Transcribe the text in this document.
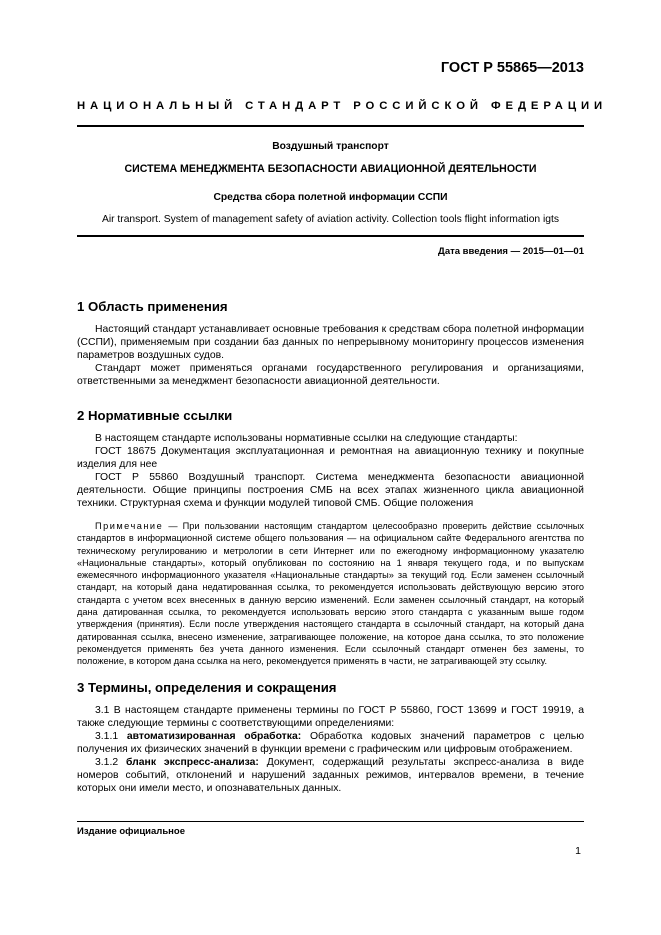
ГОСТ Р 55865—2013
НАЦИОНАЛЬНЫЙ СТАНДАРТ РОССИЙСКОЙ ФЕДЕРАЦИИ
Воздушный транспорт
СИСТЕМА МЕНЕДЖМЕНТА БЕЗОПАСНОСТИ АВИАЦИОННОЙ ДЕЯТЕЛЬНОСТИ
Средства сбора полетной информации ССПИ
Air transport. System of management safety of aviation activity. Collection tools flight information igts
Дата введения — 2015—01—01
1 Область применения

Настоящий стандарт устанавливает основные требования к средствам сбора полетной информации (ССПИ), применяемым при создании баз данных по непрерывному мониторингу процессов изменения параметров воздушных судов.

Стандарт может применяться органами государственного регулирования и организациями, ответственными за менеджмент безопасности авиационной деятельности.

2 Нормативные ссылки

В настоящем стандарте использованы нормативные ссылки на следующие стандарты:

ГОСТ 18675 Документация эксплуатационная и ремонтная на авиационную технику и покупные изделия для нее

ГОСТ Р 55860 Воздушный транспорт. Система менеджмента безопасности авиационной деятельности. Общие принципы построения СМБ на всех этапах жизненного цикла авиационной техники. Структурная схема и функции модулей типовой СМБ. Общие положения

Примечание — При пользовании настоящим стандартом целесообразно проверить действие ссылочных стандартов в информационной системе общего пользования — на официальном сайте Федерального агентства по техническому регулированию и метрологии в сети Интернет или по ежегодному информационному указателю «Национальные стандарты», который опубликован по состоянию на 1 января текущего года, и по выпускам ежемесячного информационного указателя «Национальные стандарты» за текущий год. Если заменен ссылочный стандарт, на который дана недатированная ссылка, то рекомендуется использовать действующую версию этого стандарта с учетом всех внесенных в данную версию изменений. Если заменен ссылочный стандарт, на который дана датированная ссылка, то рекомендуется использовать версию этого стандарта с указанным выше годом утверждения (принятия). Если после утверждения настоящего стандарта в ссылочный стандарт, на который дана датированная ссылка, внесено изменение, затрагивающее положение, на которое дана ссылка, то это положение рекомендуется применять без учета данного изменения. Если ссылочный стандарт отменен без замены, то положение, в котором дана ссылка на него, рекомендуется применять в части, не затрагивающей эту ссылку.
3 Термины, определения и сокращения

3.1 В настоящем стандарте применены термины по ГОСТ Р 55860, ГОСТ 13699 и ГОСТ 19919, а также следующие термины с соответствующими определениями:

3.1.1 автоматизированная обработка: Обработка кодовых значений параметров с целью получения их физических значений в функции времени с графическим или цифровым отображением.

3.1.2 бланк экспресс-анализа: Документ, содержащий результаты экспресс-анализа в виде номеров событий, отклонений и нарушений заданных режимов, интервалов времени, в течение которых они имели место, и опознавательных данных.

Издание официальное
1
